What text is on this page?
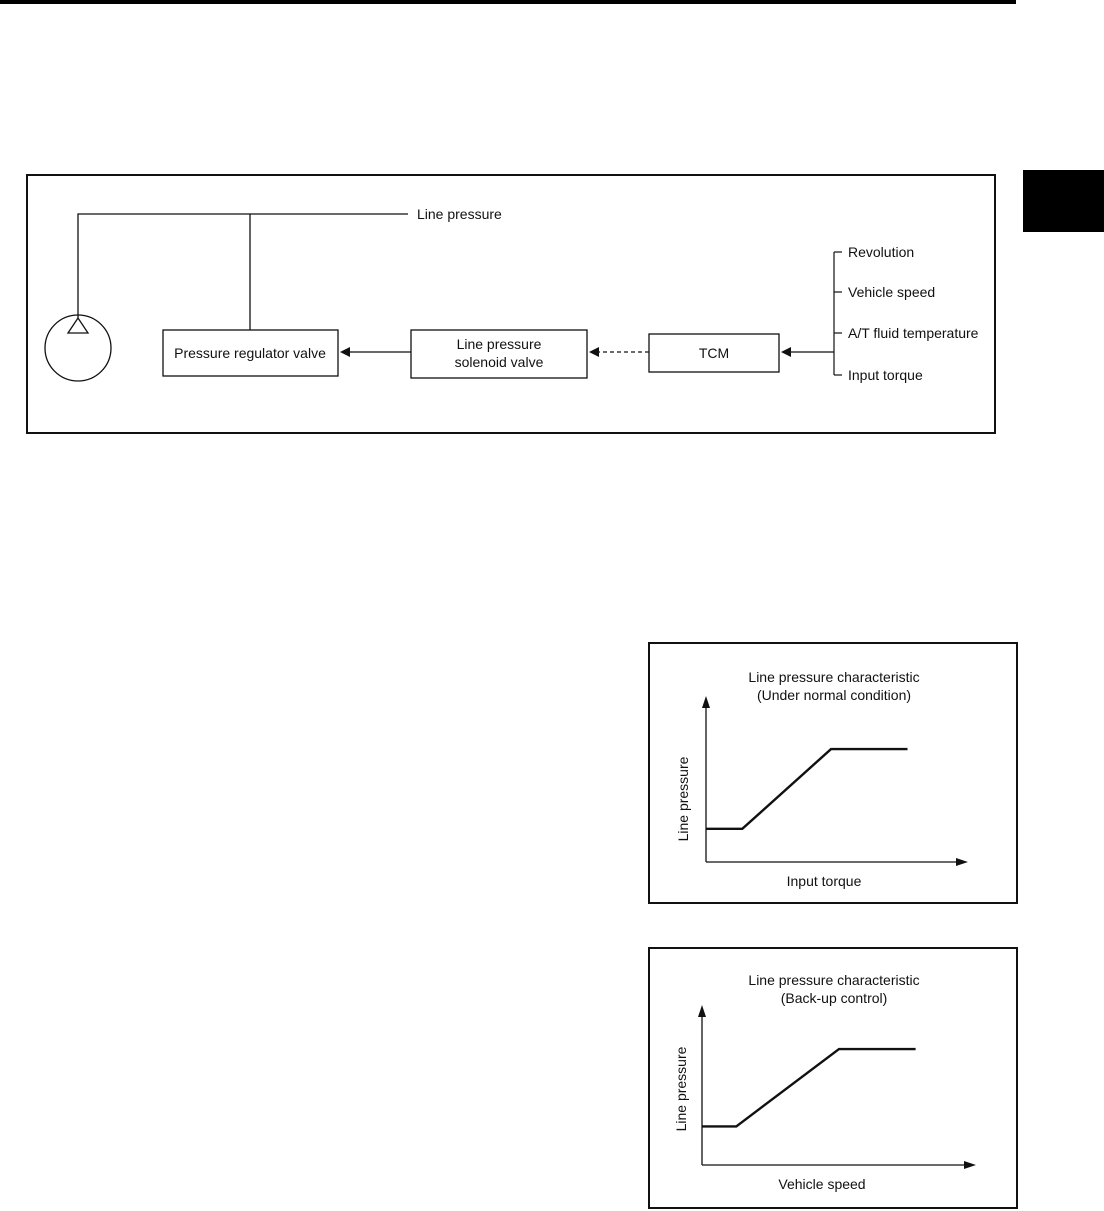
Line pressure
Pressure regulator valve
Line pressure
solenoid valve
TCM
Revolution
Vehicle speed
A/T fluid temperature
Input torque
Line pressure characteristic
(Under normal condition)
Line pressure
Input torque
Line pressure characteristic
(Back-up control)
Line pressure
Vehicle speed
